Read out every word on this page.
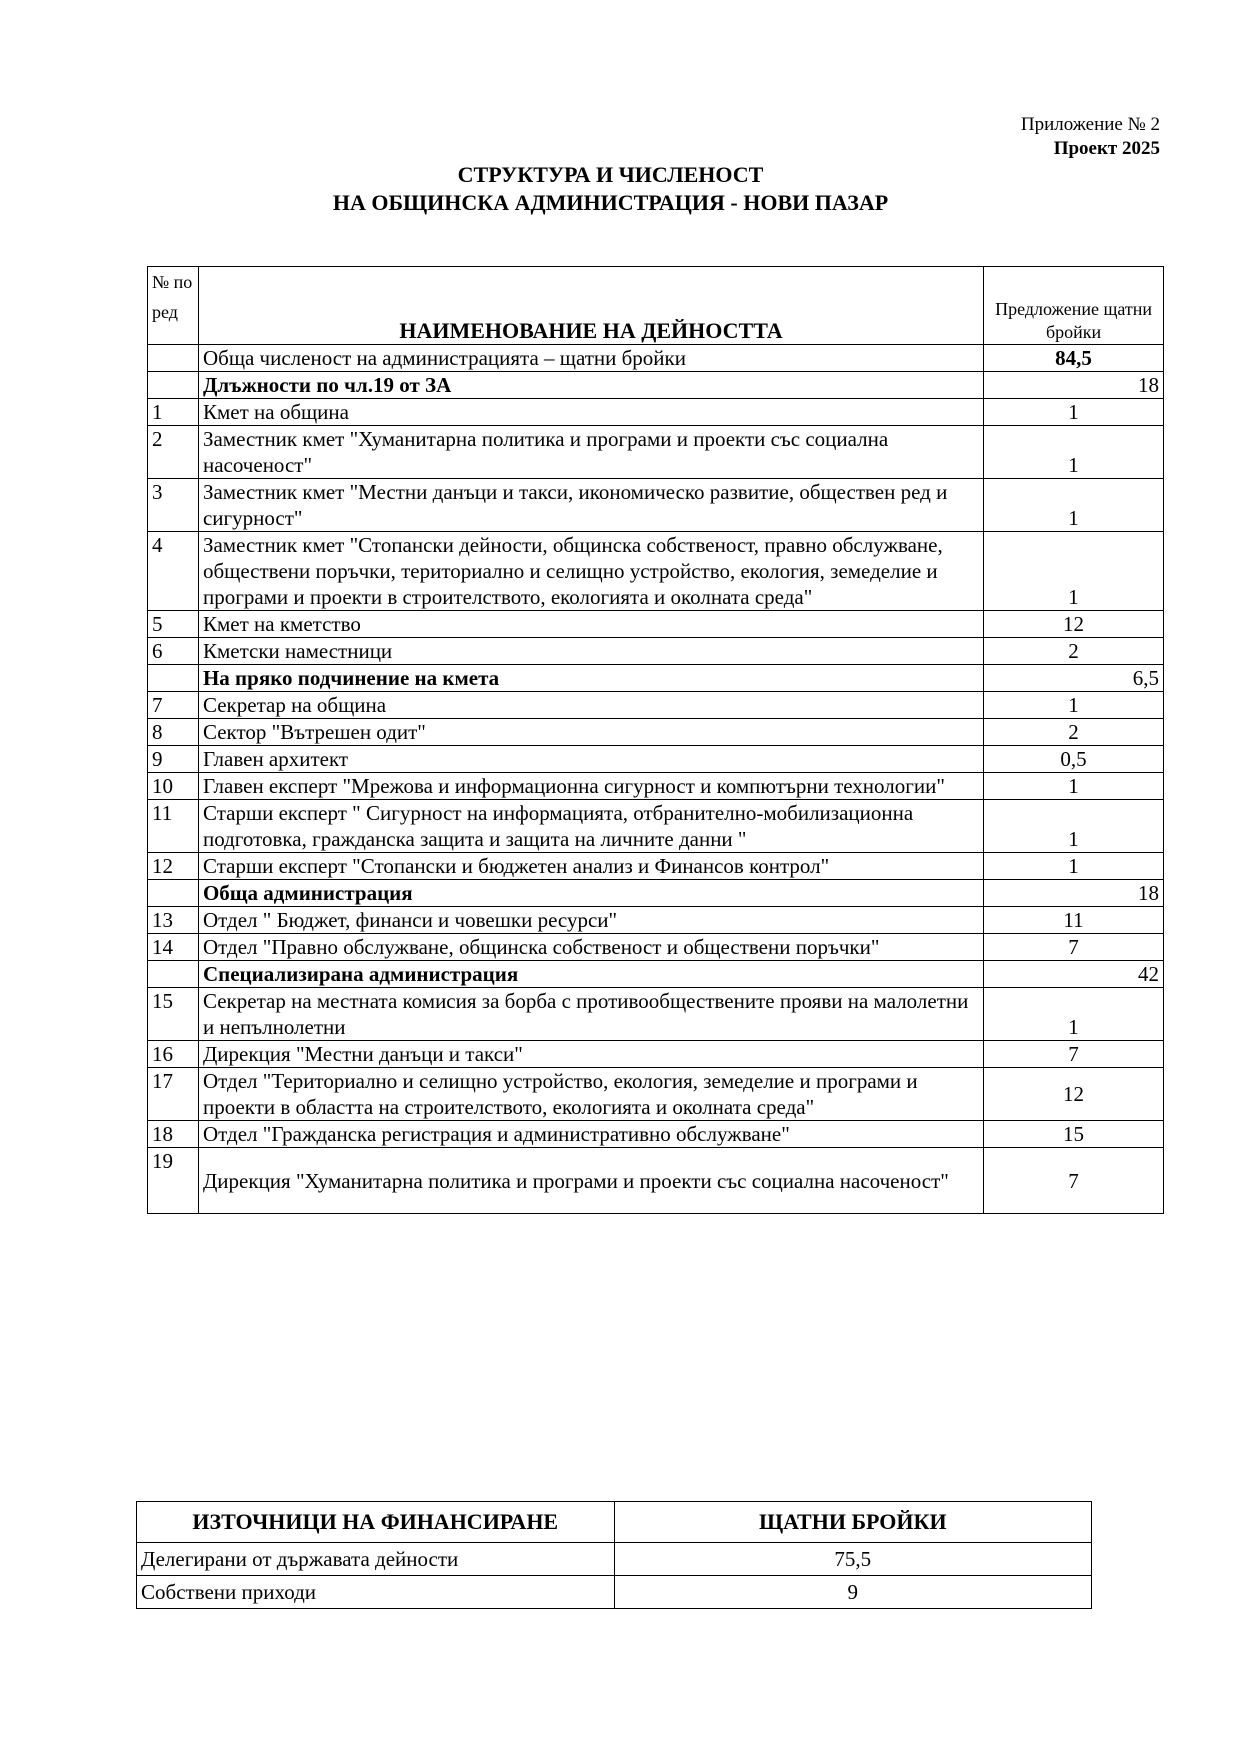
Приложение № 2
Проект 2025
СТРУКТУРА И ЧИСЛЕНОСТ
НА ОБЩИНСКА АДМИНИСТРАЦИЯ - НОВИ ПАЗАР
№ по ред	НАИМЕНОВАНИЕ НА ДЕЙНОСТТА	Предложение щатни бройки
	Обща численост на администрацията – щатни бройки	84,5
	Длъжности по чл.19 от ЗА	18
1	Кмет на община	1
2	Заместник кмет "Хуманитарна политика и програми и проекти със социална насоченост"	1
3	Заместник кмет "Местни данъци и такси, икономическо развитие, обществен ред и сигурност"	1
4	Заместник кмет "Стопански дейности, общинска собственост, правно обслужване, обществени поръчки, териториално и селищно устройство, екология, земеделие и програми и проекти в строителството, екологията и околната среда"	1
5	Кмет на кметство	12
6	Кметски наместници	2
	На пряко подчинение на кмета	6,5
7	Секретар на община	1
8	Сектор "Вътрешен одит"	2
9	Главен архитект	0,5
10	Главен експерт "Мрежова и информационна сигурност и компютърни технологии"	1
11	Старши експерт " Сигурност на информацията, отбранително-мобилизационна подготовка, гражданска защита и защита на личните данни "	1
12	Старши експерт "Стопански и бюджетен анализ и Финансов контрол"	1
	Обща администрация	18
13	Отдел " Бюджет, финанси и човешки ресурси"	11
14	Отдел "Правно обслужване, общинска собственост и обществени поръчки"	7
	Специализирана администрация	42
15	Секретар на местната комисия за борба с противообществените прояви на малолетни и непълнолетни	1
16	Дирекция "Местни данъци и такси"	7
17	Отдел "Териториално и селищно устройство, екология, земеделие и програми и проекти в областта на строителството, екологията и околната среда"	12
18	Отдел "Гражданска регистрация и административно обслужване"	15
19	Дирекция "Хуманитарна политика и програми и проекти със социална насоченост"	7
ИЗТОЧНИЦИ НА ФИНАНСИРАНЕ	ЩАТНИ БРОЙКИ
Делегирани от държавата дейности	75,5
Собствени приходи	9
